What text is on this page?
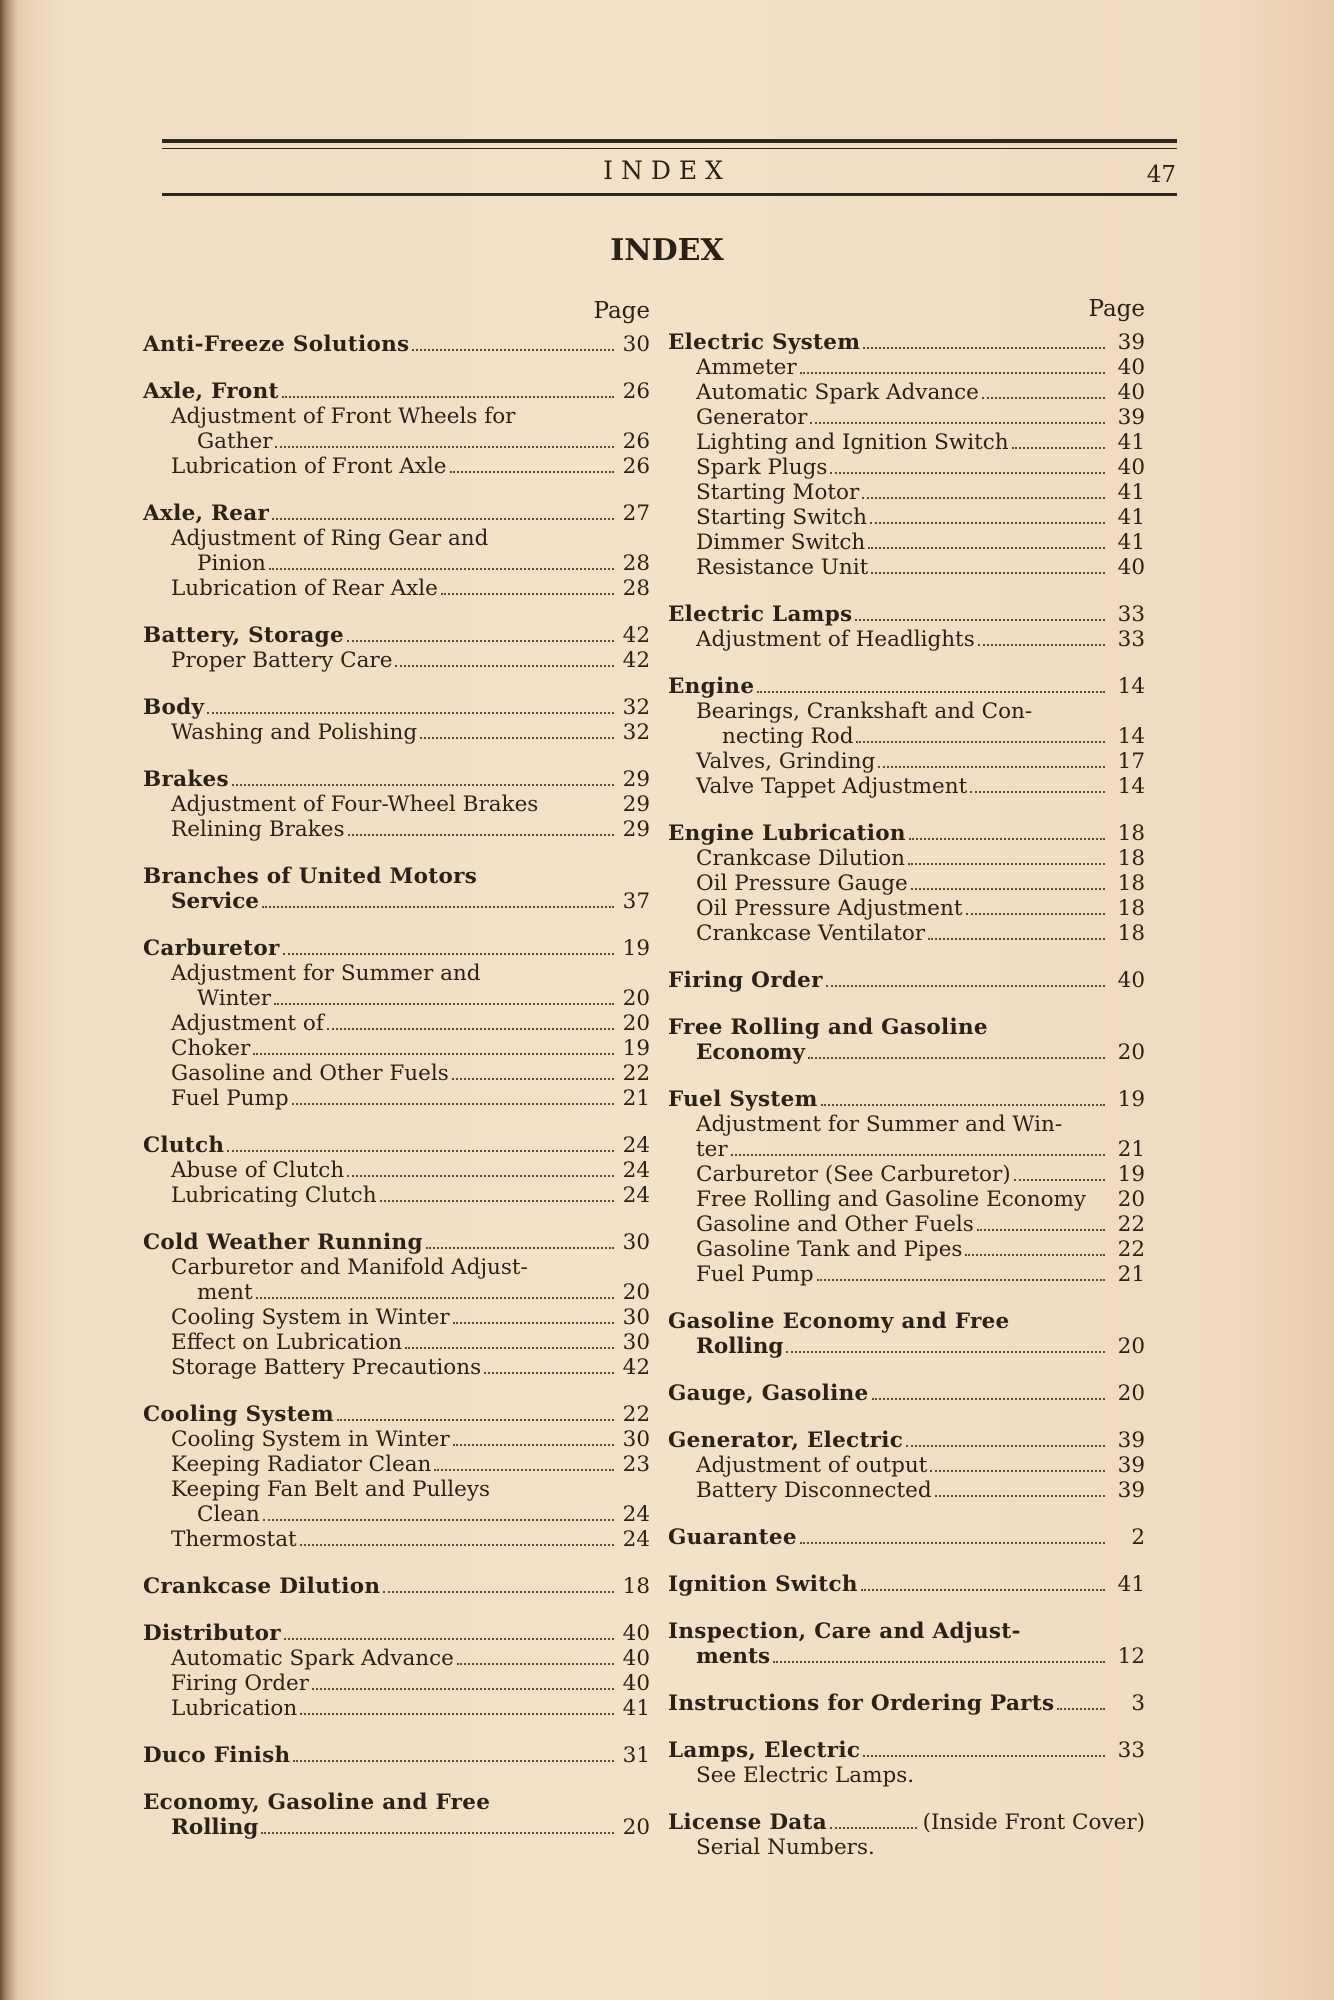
INDEX	47
INDEX
Page
Anti-Freeze Solutions	30
Axle, Front	26
Adjustment of Front Wheels for
Gather	26
Lubrication of Front Axle	26
Axle, Rear	27
Adjustment of Ring Gear and
Pinion	28
Lubrication of Rear Axle	28
Battery, Storage	42
Proper Battery Care	42
Body	32
Washing and Polishing	32
Brakes	29
Adjustment of Four-Wheel Brakes	29
Relining Brakes	29
Branches of United Motors
Service	37
Carburetor	19
Adjustment for Summer and
Winter	20
Adjustment of	20
Choker	19
Gasoline and Other Fuels	22
Fuel Pump	21
Clutch	24
Abuse of Clutch	24
Lubricating Clutch	24
Cold Weather Running	30
Carburetor and Manifold Adjust-
ment	20
Cooling System in Winter	30
Effect on Lubrication	30
Storage Battery Precautions	42
Cooling System	22
Cooling System in Winter	30
Keeping Radiator Clean	23
Keeping Fan Belt and Pulleys
Clean	24
Thermostat	24
Crankcase Dilution	18
Distributor	40
Automatic Spark Advance	40
Firing Order	40
Lubrication	41
Duco Finish	31
Economy, Gasoline and Free
Rolling	20
Page
Electric System	39
Ammeter	40
Automatic Spark Advance	40
Generator	39
Lighting and Ignition Switch	41
Spark Plugs	40
Starting Motor	41
Starting Switch	41
Dimmer Switch	41
Resistance Unit	40
Electric Lamps	33
Adjustment of Headlights	33
Engine	14
Bearings, Crankshaft and Con-
necting Rod	14
Valves, Grinding	17
Valve Tappet Adjustment	14
Engine Lubrication	18
Crankcase Dilution	18
Oil Pressure Gauge	18
Oil Pressure Adjustment	18
Crankcase Ventilator	18
Firing Order	40
Free Rolling and Gasoline
Economy	20
Fuel System	19
Adjustment for Summer and Win-
ter	21
Carburetor (See Carburetor)	19
Free Rolling and Gasoline Economy	20
Gasoline and Other Fuels	22
Gasoline Tank and Pipes	22
Fuel Pump	21
Gasoline Economy and Free
Rolling	20
Gauge, Gasoline	20
Generator, Electric	39
Adjustment of output	39
Battery Disconnected	39
Guarantee	2
Ignition Switch	41
Inspection, Care and Adjust-
ments	12
Instructions for Ordering Parts	3
Lamps, Electric	33
See Electric Lamps.
License Data	(Inside Front Cover)
Serial Numbers.
